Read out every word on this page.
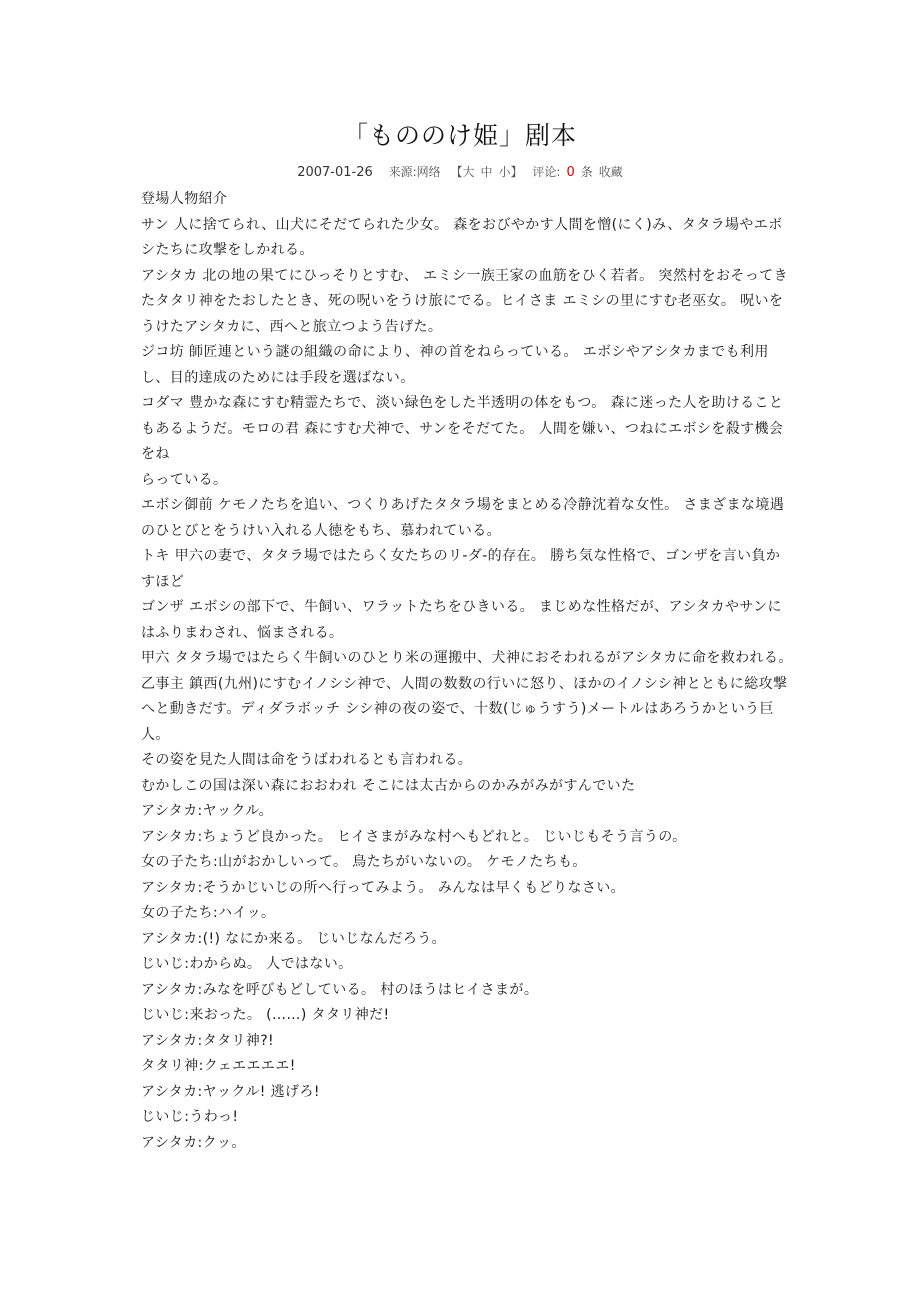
「もののけ姫」剧本
2007-01-26 来源:网络 【大 中 小】 评论: 0 条 收藏

登場人物紹介

サン 人に捨てられ、山犬にそだてられた少女。 森をおびやかす人間を憎(にく)み、タタラ場やエボシたちに攻撃をしかれる。

アシタカ 北の地の果てにひっそりとすむ、 エミシ一族王家の血筋をひく若者。 突然村をおそってきたタタリ神をたおしたとき、死の呪いをうけ旅にでる。ヒイさま エミシの里にすむ老巫女。 呪いをうけたアシタカに、西へと旅立つよう告げた。

ジコ坊 師匠連という謎の組織の命により、神の首をねらっている。 エボシやアシタカまでも利用し、目的達成のためには手段を選ばない。

コダマ 豊かな森にすむ精霊たちで、淡い緑色をした半透明の体をもつ。 森に迷った人を助けることもあるようだ。モロの君 森にすむ犬神で、サンをそだてた。 人間を嫌い、つねにエボシを殺す機会をね

らっている。

エボシ御前 ケモノたちを追い、つくりあげたタタラ場をまとめる冷静沈着な女性。 さまざまな境遇のひとびとをうけい入れる人徳をもち、慕われている。

トキ 甲六の妻で、タタラ場ではたらく女たちのリ-ダ-的存在。 勝ち気な性格で、ゴンザを言い負かすほど

ゴンザ エボシの部下で、牛飼い、ワラットたちをひきいる。 まじめな性格だが、アシタカやサンにはふりまわされ、悩まされる。

甲六 タタラ場ではたらく牛飼いのひとり米の運搬中、犬神におそわれるがアシタカに命を救われる。

乙事主 鎮西(九州)にすむイノシシ神で、人間の数数の行いに怒り、ほかのイノシシ神とともに総攻撃へと動きだす。ディダラボッチ シシ神の夜の姿で、十数(じゅうすう)メートルはあろうかという巨人。

その姿を見た人間は命をうばわれるとも言われる。

むかしこの国は深い森におおわれ そこには太古からのかみがみがすんでいた

アシタカ:ヤックル。

アシタカ:ちょうど良かった。 ヒイさまがみな村へもどれと。 じいじもそう言うの。

女の子たち:山がおかしいって。 鳥たちがいないの。 ケモノたちも。

アシタカ:そうかじいじの所へ行ってみよう。 みんなは早くもどりなさい。

女の子たち:ハイッ。

アシタカ:(!) なにか来る。 じいじなんだろう。

じいじ:わからぬ。 人ではない。

アシタカ:みなを呼びもどしている。 村のほうはヒイさまが。

じいじ:来おった。 (……) タタリ神だ!

アシタカ:タタリ神?!

タタリ神:クェエエエエ!

アシタカ:ヤックル! 逃げろ!

じいじ:うわっ!

アシタカ:クッ。
